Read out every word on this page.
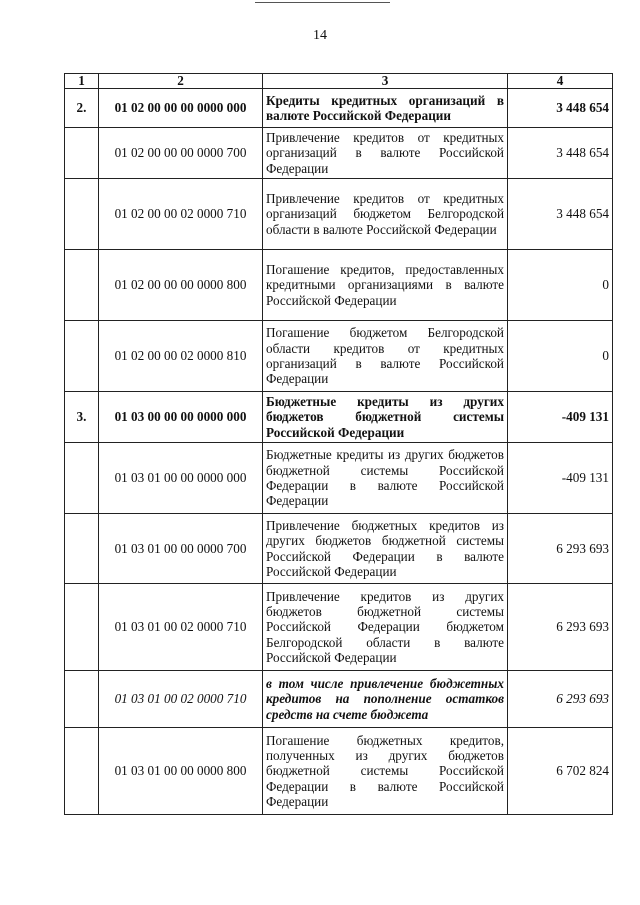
14
1	2	3	4
2.	01 02 00 00 00 0000 000	Кредиты кредитных организаций в валюте Российской Федерации	3 448 654
	01 02 00 00 00 0000 700	Привлечение кредитов от кредитных организаций в валюте Российской Федерации	3 448 654
	01 02 00 00 02 0000 710	Привлечение кредитов от кредитных организаций бюджетом Белгородской области в валюте Российской Федерации	3 448 654
	01 02 00 00 00 0000 800	Погашение кредитов, предоставленных кредитными организациями в валюте Российской Федерации	0
	01 02 00 00 02 0000 810	Погашение бюджетом Белгородской области кредитов от кредитных организаций в валюте Российской Федерации	0
3.	01 03 00 00 00 0000 000	Бюджетные кредиты из других бюджетов бюджетной системы Российской Федерации	-409 131
	01 03 01 00 00 0000 000	Бюджетные кредиты из других бюджетов бюджетной системы Российской Федерации в валюте Российской Федерации	-409 131
	01 03 01 00 00 0000 700	Привлечение бюджетных кредитов из других бюджетов бюджетной системы Российской Федерации в валюте Российской Федерации	6 293 693
	01 03 01 00 02 0000 710	Привлечение кредитов из других бюджетов бюджетной системы Российской Федерации бюджетом Белгородской области в валюте Российской Федерации	6 293 693
	01 03 01 00 02 0000 710	в том числе привлечение бюджетных кредитов на пополнение остатков средств на счете бюджета	6 293 693
	01 03 01 00 00 0000 800	Погашение бюджетных кредитов, полученных из других бюджетов бюджетной системы Российской Федерации в валюте Российской Федерации	6 702 824
